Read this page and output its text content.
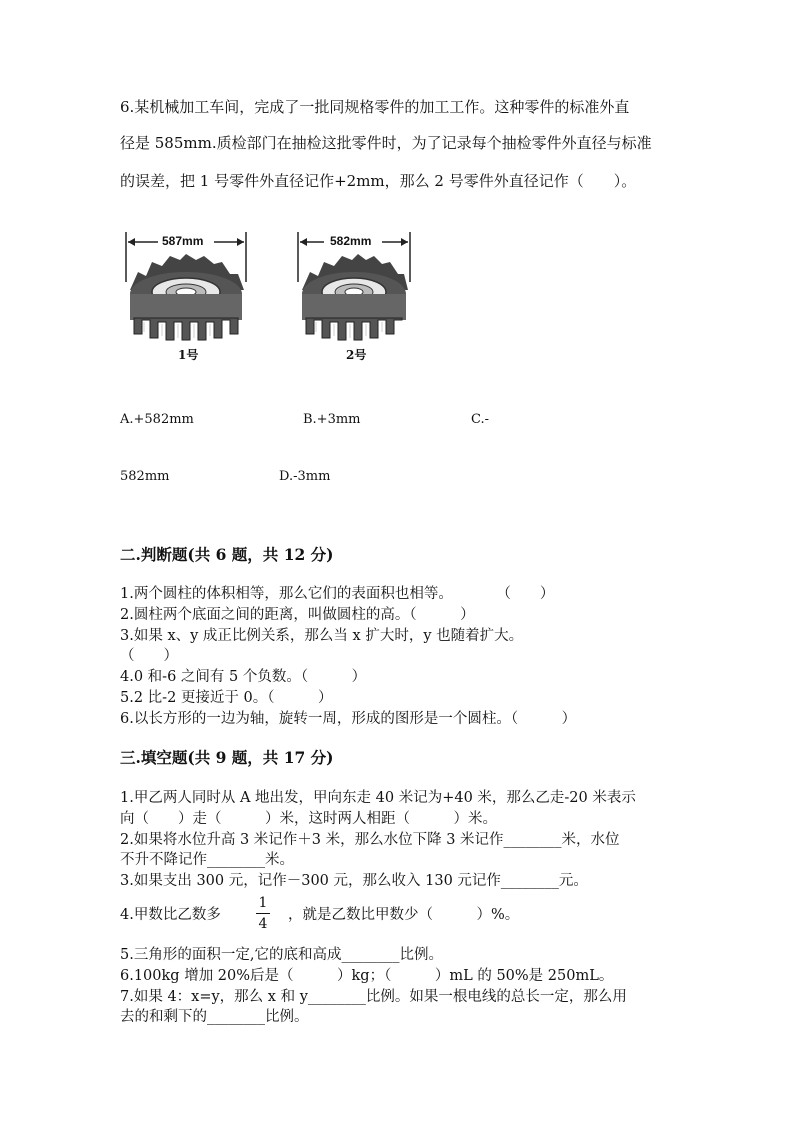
6.某机械加工车间，完成了一批同规格零件的加工工作。这种零件的标准外直
径是 585mm.质检部门在抽检这批零件时，为了记录每个抽检零件外直径与标准
的误差，把 1 号零件外直径记作+2mm，那么 2 号零件外直径记作（　　）。
587mm
1号
582mm
2号
A.+582mm	B.+3mm	C.-
582mm	D.-3mm
二.判断题(共 6 题，共 12 分)
1.两个圆柱的体积相等，那么它们的表面积也相等。　　　　（　　）
2.圆柱两个底面之间的距离，叫做圆柱的高。（　　　）
3.如果 x、y 成正比例关系，那么当 x 扩大时，y 也随着扩大。
（　　）
4.0 和-6 之间有 5 个负数。（　　　）
5.2 比-2 更接近于 0。（　　　）
6.以长方形的一边为轴，旋转一周，形成的图形是一个圆柱。（　　　）
三.填空题(共 9 题，共 17 分)
1.甲乙两人同时从 A 地出发，甲向东走 40 米记为+40 米，那么乙走-20 米表示
向（　　）走（　　　）米，这时两人相距（　　　）米。
2.如果将水位升高 3 米记作＋3 米，那么水位下降 3 米记作________米，水位
不升不降记作________米。
3.如果支出 300 元，记作－300 元，那么收入 130 元记作________元。
4.甲数比乙数多
1
4
，就是乙数比甲数少（　　　）%。
5.三角形的面积一定,它的底和高成________比例。
6.100kg 增加 20%后是（　　　）kg；（　　　）mL 的 50%是 250mL。
7.如果 4：x=y，那么 x 和 y________比例。如果一根电线的总长一定，那么用
去的和剩下的________比例。
